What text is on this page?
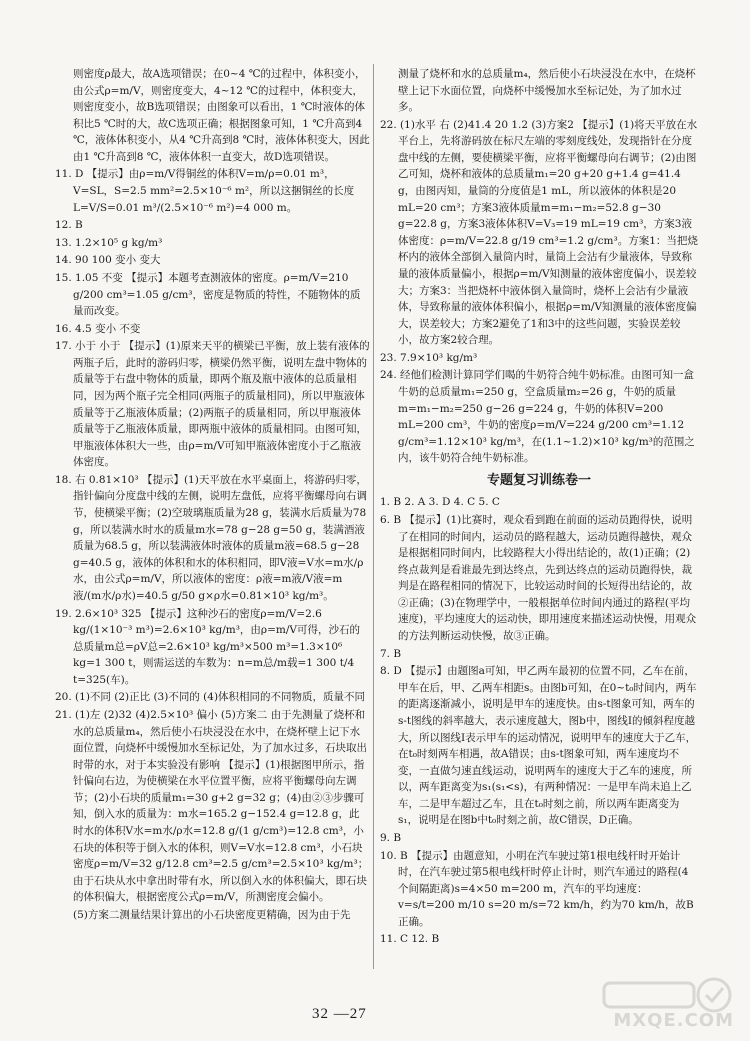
则密度ρ最大，故A选项错误；在0~4 ℃的过程中，体积变小，由公式ρ=m/V，则密度变大，4~12 ℃的过程中，体积变大，则密度变小，故B选项错误；由图象可以看出，1 ℃时液体的体积比5 ℃时的大，故C选项正确；根据图象可知，1 ℃升高到4 ℃，液体体积变小，从4 ℃升高到8 ℃时，液体体积变大，因此由1 ℃升高到8 ℃，液体体积一直变大，故D选项错误。

11. D 【提示】由ρ=m/V得铜丝的体积V=m/ρ=0.01 m³，V=SL，S=2.5 mm²=2.5×10⁻⁶ m²，所以这捆铜丝的长度L=V/S=0.01 m³/(2.5×10⁻⁶ m²)=4 000 m。

12. B

13. 1.2×10⁵ g kg/m³

14. 90 100 变小 变大

15. 1.05 不变 【提示】本题考查测液体的密度。ρ=m/V=210 g/200 cm³=1.05 g/cm³，密度是物质的特性，不随物体的质量而改变。

16. 4.5 变小 不变

17. 小于 小于 【提示】(1)原来天平的横梁已平衡，放上装有液体的两瓶子后，此时的游码归零，横梁仍然平衡，说明左盘中物体的质量等于右盘中物体的质量，即两个瓶及瓶中液体的总质量相同，因为两个瓶子完全相同(两瓶子的质量相同)，所以甲瓶液体质量等于乙瓶液体质量；(2)两瓶子的质量相同，所以甲瓶液体质量等于乙瓶液体质量，即两瓶中液体的质量相同。由图可知，甲瓶液体体积大一些，由ρ=m/V可知甲瓶液体密度小于乙瓶液体密度。

18. 右 0.81×10³ 【提示】(1)天平放在水平桌面上，将游码归零，指针偏向分度盘中线的左侧，说明左盘低，应将平衡螺母向右调节，使横梁平衡；(2)空玻璃瓶质量为28 g，装满水后质量为78 g，所以装满水时水的质量m水=78 g−28 g=50 g，装满酒液质量为68.5 g，所以装满液体时液体的质量m液=68.5 g−28 g=40.5 g，液体的体积和水的体积相同，即V液=V水=m水/ρ水，由公式ρ=m/V，所以液体的密度：ρ液=m液/V液=m液/(m水/ρ水)=40.5 g/50 g×ρ水=0.81×10³ kg/m³。

19. 2.6×10³ 325 【提示】这种沙石的密度ρ=m/V=2.6 kg/(1×10⁻³ m³)=2.6×10³ kg/m³，由ρ=m/V可得，沙石的总质量m总=ρV总=2.6×10³ kg/m³×500 m³=1.3×10⁶ kg=1 300 t，则需运送的车数为：n=m总/m载=1 300 t/4 t=325(车)。

20. (1)不同 (2)正比 (3)不同的 (4)体积相同的不同物质，质量不同

21. (1)左 (2)32 (4)2.5×10³ 偏小 (5)方案二 由于先测量了烧杯和水的总质量m₄，然后使小石块浸没在水中，在烧杯壁上记下水面位置，向烧杯中缓慢加水至标记处，为了加水过多，石块取出时带的水，对于本实验没有影响 【提示】(1)根据图甲所示，指针偏向右边，为使横梁在水平位置平衡，应将平衡螺母向左调节；(2)小石块的质量m₁=30 g+2 g=32 g；(4)由②③步骤可知，倒入水的质量为：m水=165.2 g−152.4 g=12.8 g，此时水的体积V水=m水/ρ水=12.8 g/(1 g/cm³)=12.8 cm³，小石块的体积等于倒入水的体积，则V=V水=12.8 cm³，小石块密度ρ=m/V=32 g/12.8 cm³=2.5 g/cm³=2.5×10³ kg/m³；由于石块从水中拿出时带有水，所以倒入水的体积偏大，即石块的体积偏大，根据密度公式ρ=m/V，所测密度会偏小。

(5)方案二测量结果计算出的小石块密度更精确，因为由于先

测量了烧杯和水的总质量m₄，然后使小石块浸没在水中，在烧杯壁上记下水面位置，向烧杯中缓慢加水至标记处，为了加水过多。

22. (1)水平 右 (2)41.4 20 1.2 (3)方案2 【提示】(1)将天平放在水平台上，先将游码放在标尺左端的零刻度线处，发现指针在分度盘中线的左侧，要使横梁平衡，应将平衡螺母向右调节；(2)由图乙可知，烧杯和液体的总质量m₁=20 g+20 g+1.4 g=41.4 g，由图丙知，量筒的分度值是1 mL，所以液体的体积是20 mL=20 cm³；方案3液体质量m=m₁−m₂=52.8 g−30 g=22.8 g，方案3液体体积V=V₃=19 mL=19 cm³，方案3液体密度：ρ=m/V=22.8 g/19 cm³=1.2 g/cm³。方案1：当把烧杯内的液体全部倒入量筒内时，量筒上会沾有少量液体，导致称量的液体质量偏小，根据ρ=m/V知测量的液体密度偏小，误差较大；方案3：当把烧杯中液体倒入量筒时，烧杯上会沾有少量液体，导致称量的液体体积偏小，根据ρ=m/V知测量的液体密度偏大，误差较大；方案2避免了1和3中的这些问题，实验误差较小，故方案2较合理。

23. 7.9×10³ kg/m³

24. 经他们检测计算同学们喝的牛奶符合纯牛奶标准。由图可知一盒牛奶的总质量m₁=250 g，空盒质量m₂=26 g，牛奶的质量m=m₁−m₂=250 g−26 g=224 g，牛奶的体积V=200 mL=200 cm³，牛奶的密度ρ=m/V=224 g/200 cm³=1.12 g/cm³=1.12×10³ kg/m³，在(1.1~1.2)×10³ kg/m³的范围之内，该牛奶符合纯牛奶标准。

专题复习训练卷一

1. B 2. A 3. D 4. C 5. C

6. B 【提示】(1)比赛时，观众看到跑在前面的运动员跑得快，说明了在相同的时间内，运动员的路程越大，运动员跑得越快，观众是根据相同时间内，比较路程大小得出结论的，故(1)正确；(2)终点裁判是看谁最先到达终点，先到达终点的运动员跑得快，裁判是在路程相同的情况下，比较运动时间的长短得出结论的，故②正确；(3)在物理学中，一般根据单位时间内通过的路程(平均速度)，平均速度大的运动快，即用速度来描述运动快慢，用观众的方法判断运动快慢，故③正确。

7. B

8. D 【提示】由题图a可知，甲乙两车最初的位置不同，乙车在前，甲车在后，甲、乙两车相距s。由图b可知，在0~t₀时间内，两车的距离逐渐减小，说明是甲车的速度快。由s-t图象可知，两车的s-t图线的斜率越大，表示速度越大，图b中，图线Ⅰ的倾斜程度越大，所以图线Ⅰ表示甲车的运动情况，说明甲车的速度大于乙车，在t₀时刻两车相遇，故A错误；由s-t图象可知，两车速度均不变，一直做匀速直线运动，说明两车的速度大于乙车的速度，所以，两车距离变为s₁(s₁<s)，有两种情况：一是甲车尚未追上乙车，二是甲车超过乙车，且在t₀时刻之前，所以两车距离变为s₁，说明是在图b中t₀时刻之前，故C错误，D正确。

9. B

10. B 【提示】由题意知，小明在汽车驶过第1根电线杆时开始计时，在汽车驶过第5根电线杆时停止计时，则汽车通过的路程(4个间隔距离)s=4×50 m=200 m，汽车的平均速度：v=s/t=200 m/10 s=20 m/s=72 km/h，约为70 km/h，故B正确。

11. C 12. B

32 —27	MXQE.COM
